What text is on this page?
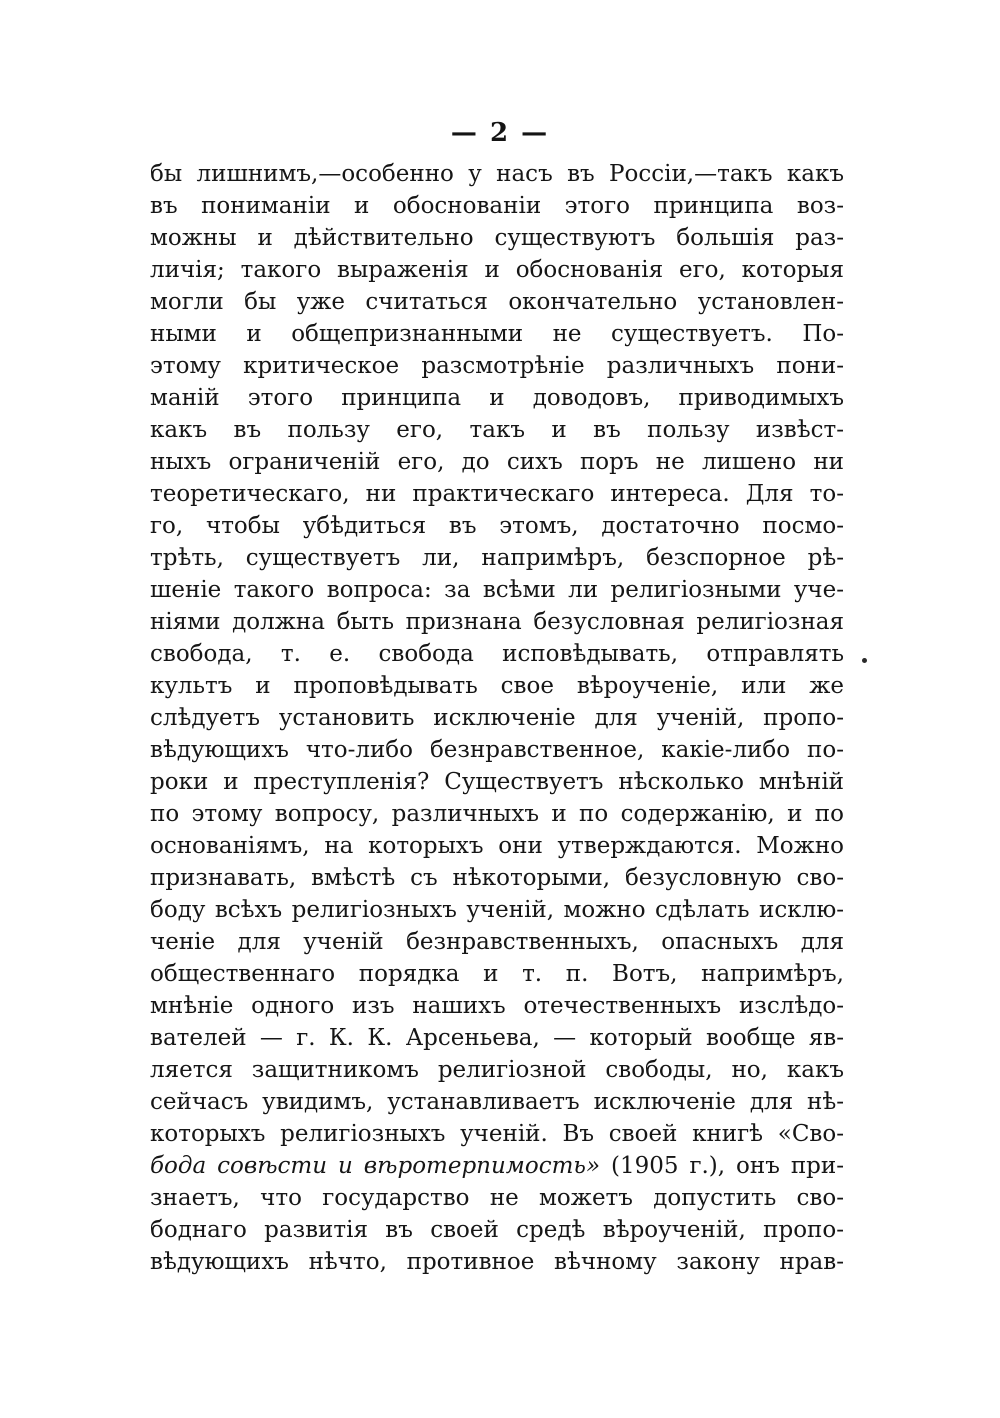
— 2 —
бы лишнимъ,—особенно у насъ въ Россіи,—такъ какъ
въ пониманіи и обоснованіи этого принципа воз-
можны и дѣйствительно существуютъ большія раз-
личія; такого выраженія и обоснованія его, которыя
могли бы уже считаться окончательно установлен-
ными и общепризнанными не существуетъ. По-
этому критическое разсмотрѣніе различныхъ пони-
маній этого принципа и доводовъ, приводимыхъ
какъ въ пользу его, такъ и въ пользу извѣст-
ныхъ ограниченій его, до сихъ поръ не лишено ни
теоретическаго, ни практическаго интереса. Для то-
го, чтобы убѣдиться въ этомъ, достаточно посмо-
трѣть, существуетъ ли, напримѣръ, безспорное рѣ-
шеніе такого вопроса: за всѣми ли религіозными уче-
ніями должна быть признана безусловная религіозная
свобода, т. е. свобода исповѣдывать, отправлять
культъ и проповѣдывать свое вѣроученіе, или же
слѣдуетъ установить исключеніе для ученій, пропо-
вѣдующихъ что-либо безнравственное, какіе-либо по-
роки и преступленія? Существуетъ нѣсколько мнѣній
по этому вопросу, различныхъ и по содержанію, и по
основаніямъ, на которыхъ они утверждаются. Можно
признавать, вмѣстѣ съ нѣкоторыми, безусловную сво-
боду всѣхъ религіозныхъ ученій, можно сдѣлать исклю-
ченіе для ученій безнравственныхъ, опасныхъ для
общественнаго порядка и т. п. Вотъ, напримѣръ,
мнѣніе одного изъ нашихъ отечественныхъ изслѣдо-
вателей — г. К. К. Арсеньева, — который вообще яв-
ляется защитникомъ религіозной свободы, но, какъ
сейчасъ увидимъ, устанавливаетъ исключеніе для нѣ-
которыхъ религіозныхъ ученій. Въ своей книгѣ «Сво-
бода совѣсти и вѣротерпимость» (1905 г.), онъ при-
знаетъ, что государство не можетъ допустить сво-
боднаго развитія въ своей средѣ вѣроученій, пропо-
вѣдующихъ нѣчто, противное вѣчному закону нрав-
